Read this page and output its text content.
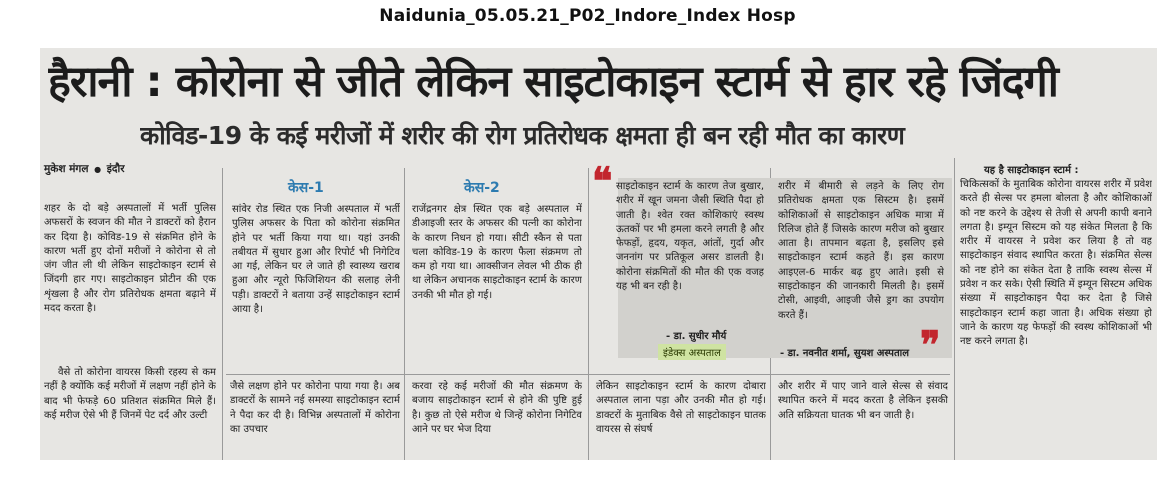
Naidunia_05.05.21_P02_Indore_Index Hosp
हैरानी : कोरोना से जीते लेकिन साइटोकाइन स्टार्म से हार रहे जिंदगी
कोविड-19 के कई मरीजों में शरीर की रोग प्रतिरोधक क्षमता ही बन रही मौत का कारण
मुकेश मंगल ● इंदौर
शहर के दो बड़े अस्पतालों में भर्ती पुलिस अफसरों के स्वजन की मौत ने डाक्टरों को हैरान कर दिया है। कोविड-19 से संक्रमित होने के कारण भर्ती हुए दोनों मरीजों ने कोरोना से तो जंग जीत ली थी लेकिन साइटोकाइन स्टार्म से जिंदगी हार गए। साइटोकाइन प्रोटीन की एक शृंखला है और रोग प्रतिरोधक क्षमता बढ़ाने में मदद करता है।
वैसे तो कोरोना वायरस किसी रहस्य से कम नहीं है क्योंकि कई मरीजों में लक्षण नहीं होने के बाद भी फेफड़े 60 प्रतिशत संक्रमित मिले हैं। कई मरीज ऐसे भी हैं जिनमें पेट दर्द और उल्टी
केस-1
सांवेर रोड स्थित एक निजी अस्पताल में भर्ती पुलिस अफसर के पिता को कोरोना संक्रमित होने पर भर्ती किया गया था। यहां उनकी तबीयत में सुधार हुआ और रिपोर्ट भी निगेटिव आ गई, लेकिन घर ले जाते ही स्वास्थ्य खराब हुआ और न्यूरो फिजिशियन की सलाह लेनी पड़ी। डाक्टरों ने बताया उन्हें साइटोकाइन स्टार्म आया है।
केस-2
राजेंद्रनगर क्षेत्र स्थित एक बड़े अस्पताल में डीआइजी स्तर के अफसर की पत्नी का कोरोना के कारण निधन हो गया। सीटी स्कैन से पता चला कोविड-19 के कारण फैला संक्रमण तो कम हो गया था। आक्सीजन लेवल भी ठीक ही था लेकिन अचानक साइटोकाइन स्टार्म के कारण उनकी भी मौत हो गई।
❝ साइटोकाइन स्टार्म के कारण तेज बुखार, शरीर में खून जमना जैसी स्थिति पैदा हो जाती है। श्वेत रक्त कोशिकाएं स्वस्थ ऊतकों पर भी हमला करने लगती है और फेफड़ों, हृदय, यकृत, आंतों, गुर्दा और जननांग पर प्रतिकूल असर डालती है। कोरोना संक्रमितों की मौत की एक वजह यह भी बन रही है।
- डा. सुधीर मौर्य
इंडेक्स अस्पताल
शरीर में बीमारी से लड़ने के लिए रोग प्रतिरोधक क्षमता एक सिस्टम है। इसमें कोशिकाओं से साइटोकाइन अधिक मात्रा में रिलिज होते हैं जिसके कारण मरीज को बुखार आता है। तापमान बढ़ता है, इसलिए इसे साइटोकाइन स्टार्म कहते हैं। इस कारण आइएल-6 मार्कर बढ़ हुए आते। इसी से साइटोकाइन की जानकारी मिलती है। इसमें टोसी, आइवी, आइजी जैसे ड्रग का उपयोग करते हैं।
- डा. नवनीत शर्मा, सुयश अस्पताल ❞
जैसे लक्षण होने पर कोरोना पाया गया है। अब डाक्टरों के सामने नई समस्या साइटोकाइन स्टार्म ने पैदा कर दी है। विभिन्न अस्पतालों में कोरोना का उपचार
करवा रहे कई मरीजों की मौत संक्रमण के बजाय साइटोकाइन स्टार्म से होने की पुष्टि हुई है। कुछ तो ऐसे मरीज थे जिन्हें कोरोना निगेटिव आने पर घर भेज दिया
लेकिन साइटोकाइन स्टार्म के कारण दोबारा अस्पताल लाना पड़ा और उनकी मौत हो गई। डाक्टरों के मुताबिक वैसे तो साइटोकाइन घातक वायरस से संघर्ष
और शरीर में पाए जाने वाले सेल्स से संवाद स्थापित करने में मदद करता है लेकिन इसकी अति सक्रियता घातक भी बन जाती है।
यह है साइटोकाइन स्टार्म :
चिकित्सकों के मुताबिक कोरोना वायरस शरीर में प्रवेश करते ही सेल्स पर हमला बोलता है और कोशिकाओं को नष्ट करने के उद्देश्य से तेजी से अपनी कापी बनाने लगता है। इम्यून सिस्टम को यह संकेत मिलता है कि शरीर में वायरस ने प्रवेश कर लिया है तो वह साइटोकाइन संवाद स्थापित करता है। संक्रमित सेल्स को नष्ट होने का संकेत देता है ताकि स्वस्थ सेल्स में प्रवेश न कर सके। ऐसी स्थिति में इम्यून सिस्टम अधिक संख्या में साइटोकाइन पैदा कर देता है जिसे साइटोकाइन स्टार्म कहा जाता है। अधिक संख्या हो जाने के कारण यह फेफड़ों की स्वस्थ कोशिकाओं भी नष्ट करने लगता है।
